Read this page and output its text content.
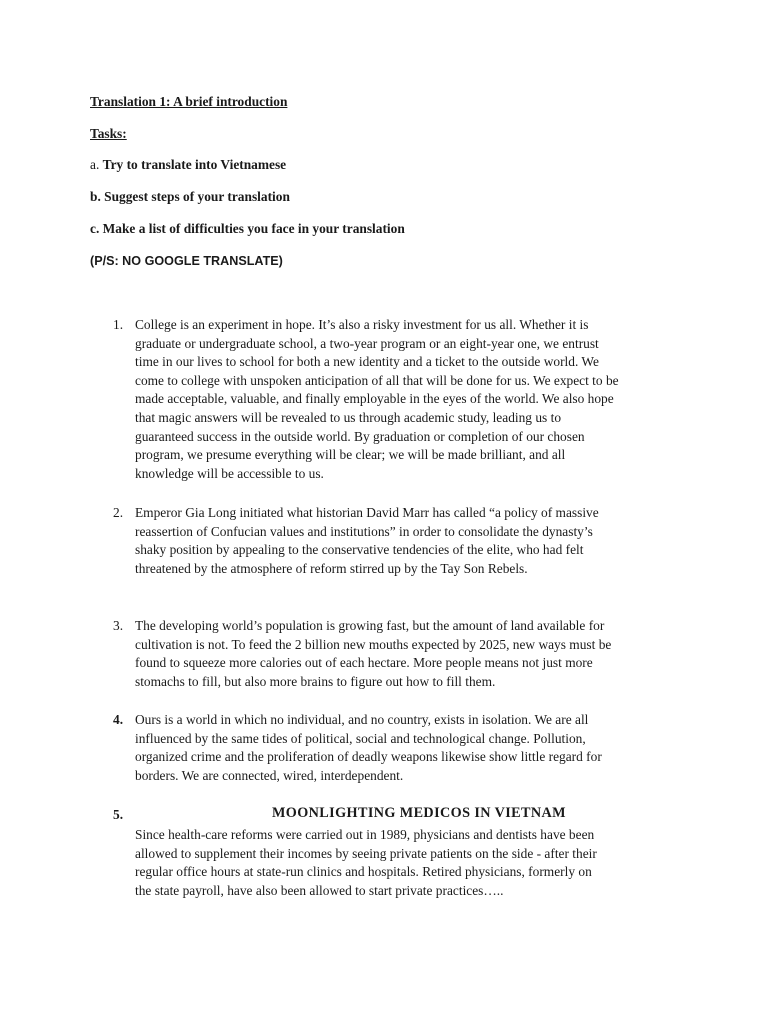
Translation 1: A brief introduction
Tasks:
a. Try to translate into Vietnamese
b. Suggest steps of your translation
c. Make a list of difficulties you face in your translation
(P/S: NO GOOGLE TRANSLATE)
1. College is an experiment in hope. It’s also a risky investment for us all. Whether it is
graduate or undergraduate school, a two-year program or an eight-year one, we entrust
time in our lives to school for both a new identity and a ticket to the outside world. We
come to college with unspoken anticipation of all that will be done for us. We expect to be
made acceptable, valuable, and finally employable in the eyes of the world. We also hope
that magic answers will be revealed to us through academic study, leading us to
guaranteed success in the outside world. By graduation or completion of our chosen
program, we presume everything will be clear; we will be made brilliant, and all
knowledge will be accessible to us.
2. Emperor Gia Long initiated what historian David Marr has called “a policy of massive
reassertion of Confucian values and institutions” in order to consolidate the dynasty’s
shaky position by appealing to the conservative tendencies of the elite, who had felt
threatened by the atmosphere of reform stirred up by the Tay Son Rebels.
3. The developing world’s population is growing fast, but the amount of land available for
cultivation is not. To feed the 2 billion new mouths expected by 2025, new ways must be
found to squeeze more calories out of each hectare. More people means not just more
stomachs to fill, but also more brains to figure out how to fill them.
4. Ours is a world in which no individual, and no country, exists in isolation. We are all
influenced by the same tides of political, social and technological change. Pollution,
organized crime and the proliferation of deadly weapons likewise show little regard for
borders. We are connected, wired, interdependent.
5.	MOONLIGHTING MEDICOS IN VIETNAM
Since health-care reforms were carried out in 1989, physicians and dentists have been
allowed to supplement their incomes by seeing private patients on the side - after their
regular office hours at state-run clinics and hospitals. Retired physicians, formerly on
the state payroll, have also been allowed to start private practices…..
